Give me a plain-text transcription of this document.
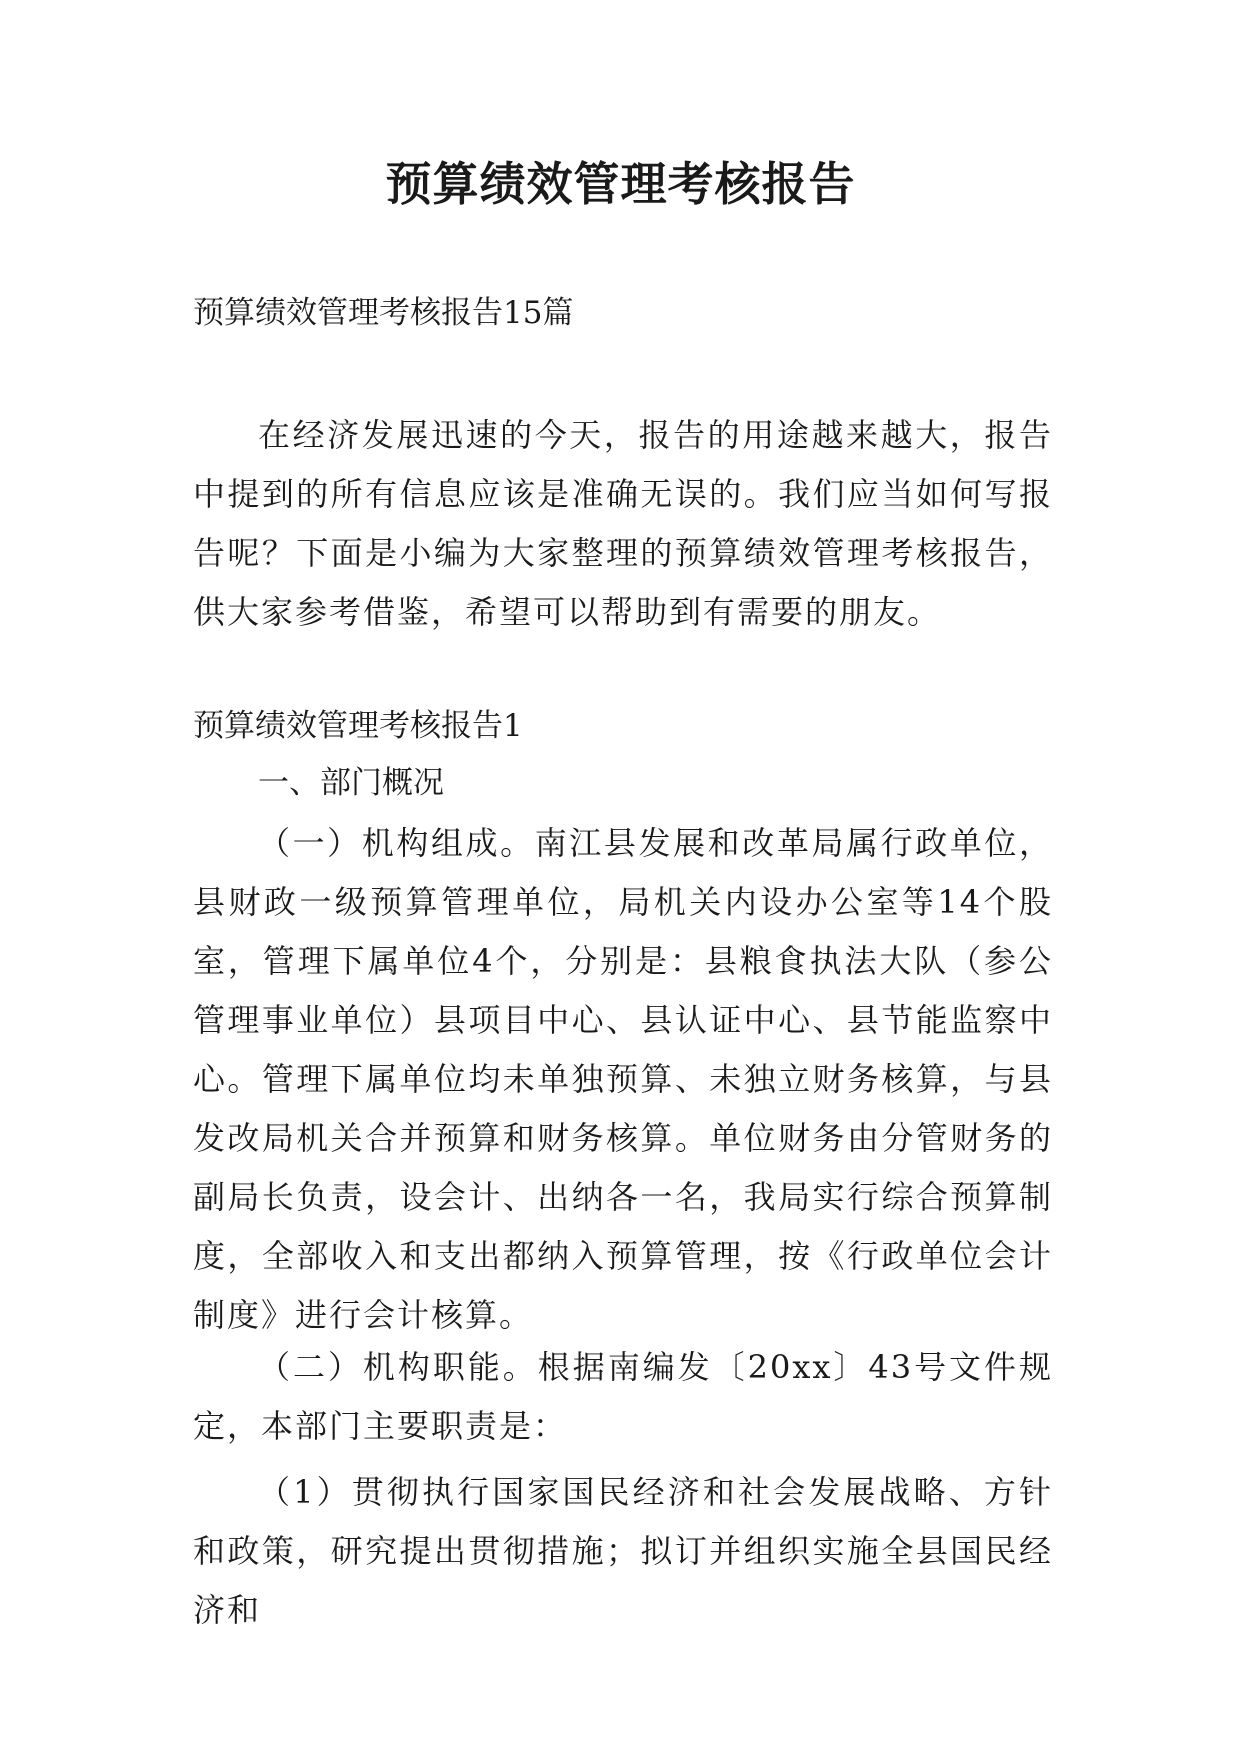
预算绩效管理考核报告

预算绩效管理考核报告15篇

在经济发展迅速的今天，报告的用途越来越大，报告中提到的所有信息应该是准确无误的。我们应当如何写报告呢？下面是小编为大家整理的预算绩效管理考核报告，供大家参考借鉴，希望可以帮助到有需要的朋友。

预算绩效管理考核报告1

一、部门概况

（一）机构组成。南江县发展和改革局属行政单位，县财政一级预算管理单位，局机关内设办公室等14个股室，管理下属单位4个，分别是：县粮食执法大队（参公管理事业单位）县项目中心、县认证中心、县节能监察中心。管理下属单位均未单独预算、未独立财务核算，与县发改局机关合并预算和财务核算。单位财务由分管财务的副局长负责，设会计、出纳各一名，我局实行综合预算制度，全部收入和支出都纳入预算管理，按《行政单位会计制度》进行会计核算。

（二）机构职能。根据南编发〔20xx〕43号文件规定，本部门主要职责是：

（1）贯彻执行国家国民经济和社会发展战略、方针和政策，研究提出贯彻措施；拟订并组织实施全县国民经济和
